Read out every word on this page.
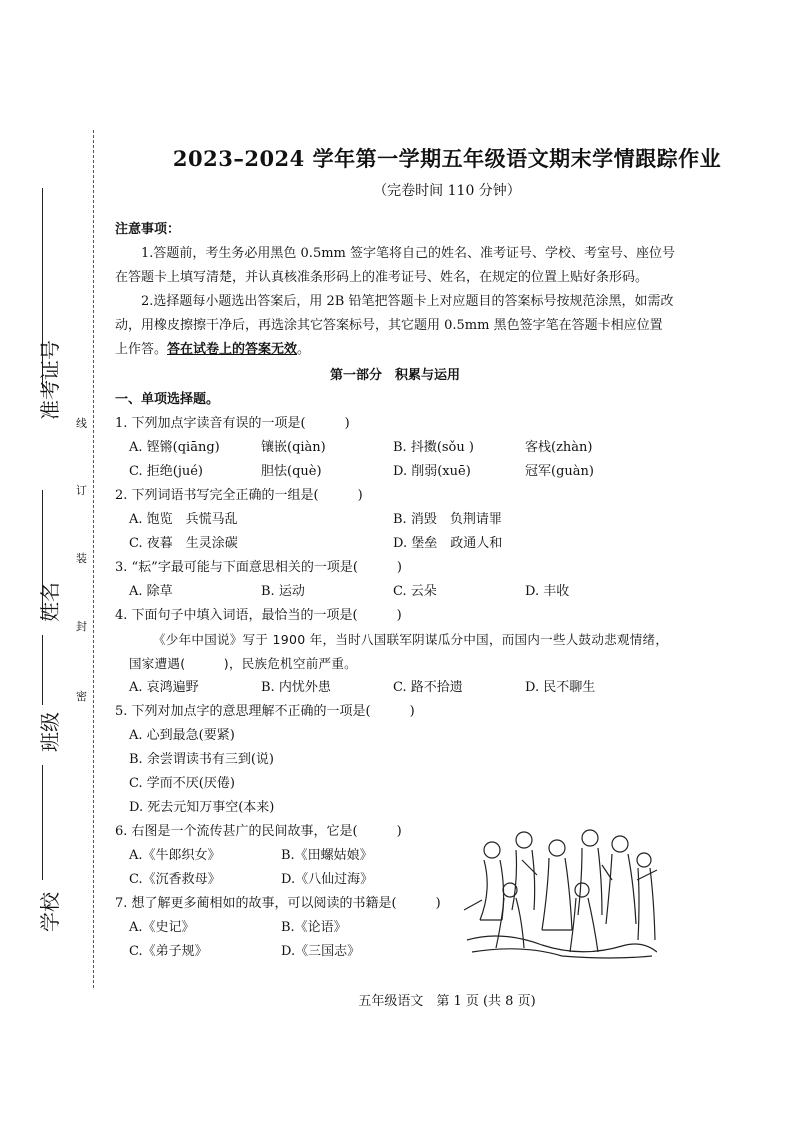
学校
班级
姓名
准考证号
线
订
装
封
密
2023–2024 学年第一学期五年级语文期末学情跟踪作业
（完卷时间 110 分钟）
注意事项：
1.答题前，考生务必用黑色 0.5mm 签字笔将自己的姓名、准考证号、学校、考室号、座位号在答题卡上填写清楚，并认真核准条形码上的准考证号、姓名，在规定的位置上贴好条形码。
2.选择题每小题选出答案后，用 2B 铅笔把答题卡上对应题目的答案标号按规范涂黑，如需改动，用橡皮擦擦干净后，再选涂其它答案标号，其它题用 0.5mm 黑色签字笔在答题卡相应位置上作答。答在试卷上的答案无效。
第一部分　积累与运用
一、单项选择题。
1. 下列加点字读音有误的一项是(　　　)
A. 铿锵(qiāng)	镶嵌(qiàn)	B. 抖擞(sǒu )	客栈(zhàn)
C. 拒绝(jué)	胆怯(què)	D. 削弱(xuē)	冠军(guàn)
2. 下列词语书写完全正确的一组是(　　　)
A. 饱览　兵慌马乱	B. 消毁　负荆请罪
C. 夜暮　生灵涂碳	D. 堡垒　政通人和
3. “耘”字最可能与下面意思相关的一项是(　　　)
A. 除草	B. 运动	C. 云朵	D. 丰收
4. 下面句子中填入词语，最恰当的一项是(　　　)
《少年中国说》写于 1900 年，当时八国联军阴谋瓜分中国，而国内一些人鼓动悲观情绪，
国家遭遇(　　　)，民族危机空前严重。
A. 哀鸿遍野	B. 内忧外患	C. 路不拾遗	D. 民不聊生
5. 下列对加点字的意思理解不正确的一项是(　　　)
A. 心到最急(要紧)
B. 余尝谓读书有三到(说)
C. 学而不厌(厌倦)
D. 死去元知万事空(本来)
6. 右图是一个流传甚广的民间故事，它是(　　　)
A.《牛郎织女》	B.《田螺姑娘》
C.《沉香救母》	D.《八仙过海》
7. 想了解更多蔺相如的故事，可以阅读的书籍是(　　　)
A.《史记》	B.《论语》
C.《弟子规》	D.《三国志》
五年级语文　第 1 页 (共 8 页)
